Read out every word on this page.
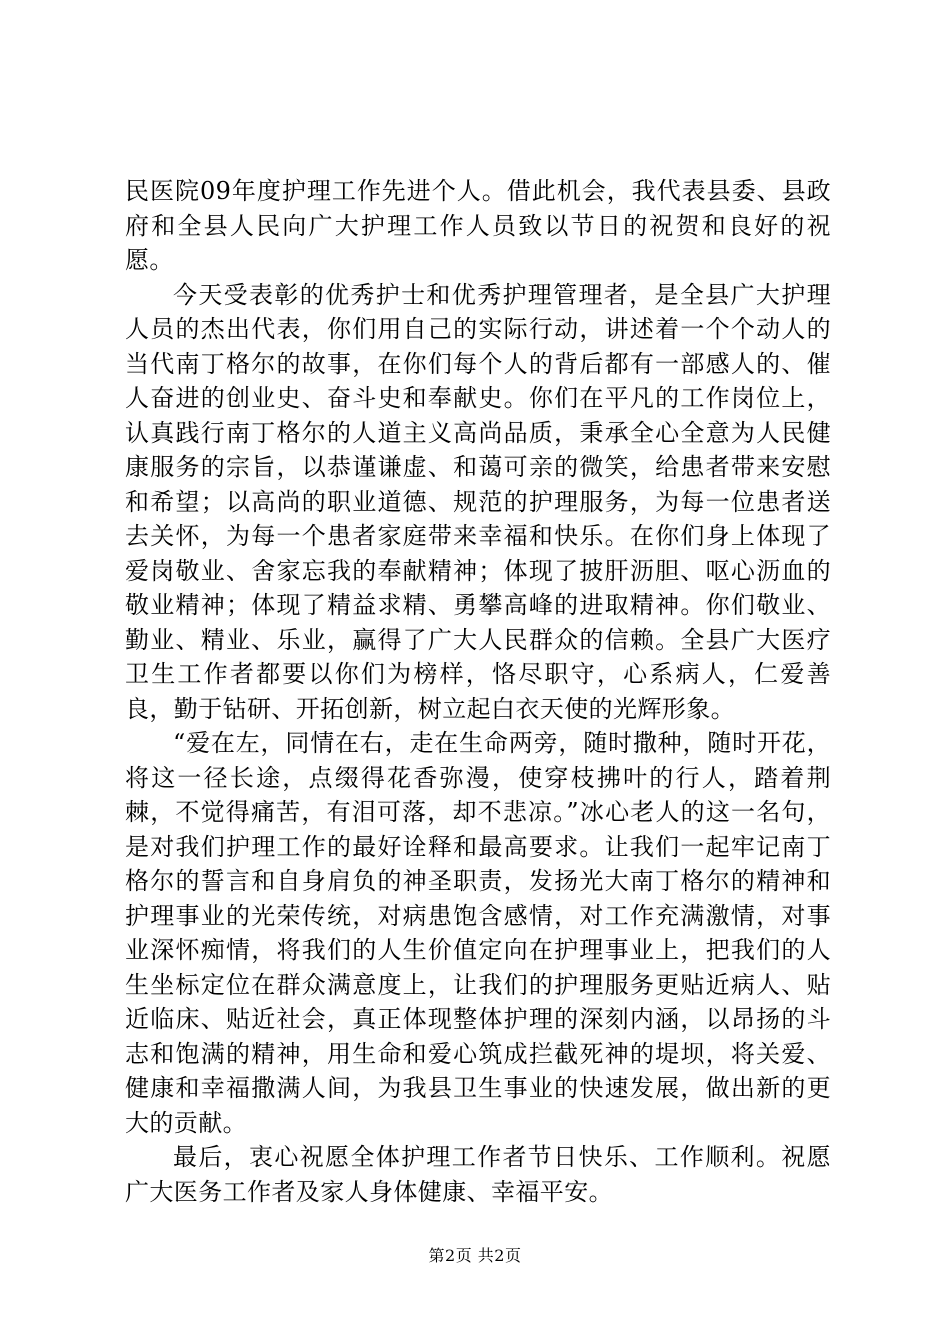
民医院09年度护理工作先进个人。借此机会，我代表县委、县政府和全县人民向广大护理工作人员致以节日的祝贺和良好的祝愿。

今天受表彰的优秀护士和优秀护理管理者，是全县广大护理人员的杰出代表，你们用自己的实际行动，讲述着一个个动人的当代南丁格尔的故事，在你们每个人的背后都有一部感人的、催人奋进的创业史、奋斗史和奉献史。你们在平凡的工作岗位上，认真践行南丁格尔的人道主义高尚品质，秉承全心全意为人民健康服务的宗旨，以恭谨谦虚、和蔼可亲的微笑，给患者带来安慰和希望；以高尚的职业道德、规范的护理服务，为每一位患者送去关怀，为每一个患者家庭带来幸福和快乐。在你们身上体现了爱岗敬业、舍家忘我的奉献精神；体现了披肝沥胆、呕心沥血的敬业精神；体现了精益求精、勇攀高峰的进取精神。你们敬业、勤业、精业、乐业，赢得了广大人民群众的信赖。全县广大医疗卫生工作者都要以你们为榜样，恪尽职守，心系病人，仁爱善良，勤于钻研、开拓创新，树立起白衣天使的光辉形象。

“爱在左，同情在右，走在生命两旁，随时撒种，随时开花，将这一径长途，点缀得花香弥漫，使穿枝拂叶的行人，踏着荆棘，不觉得痛苦，有泪可落，却不悲凉。”冰心老人的这一名句，是对我们护理工作的最好诠释和最高要求。让我们一起牢记南丁格尔的誓言和自身肩负的神圣职责，发扬光大南丁格尔的精神和护理事业的光荣传统，对病患饱含感情，对工作充满激情，对事业深怀痴情，将我们的人生价值定向在护理事业上，把我们的人生坐标定位在群众满意度上，让我们的护理服务更贴近病人、贴近临床、贴近社会，真正体现整体护理的深刻内涵，以昂扬的斗志和饱满的精神，用生命和爱心筑成拦截死神的堤坝，将关爱、健康和幸福撒满人间，为我县卫生事业的快速发展，做出新的更大的贡献。

最后，衷心祝愿全体护理工作者节日快乐、工作顺利。祝愿广大医务工作者及家人身体健康、幸福平安。

第2页 共2页
